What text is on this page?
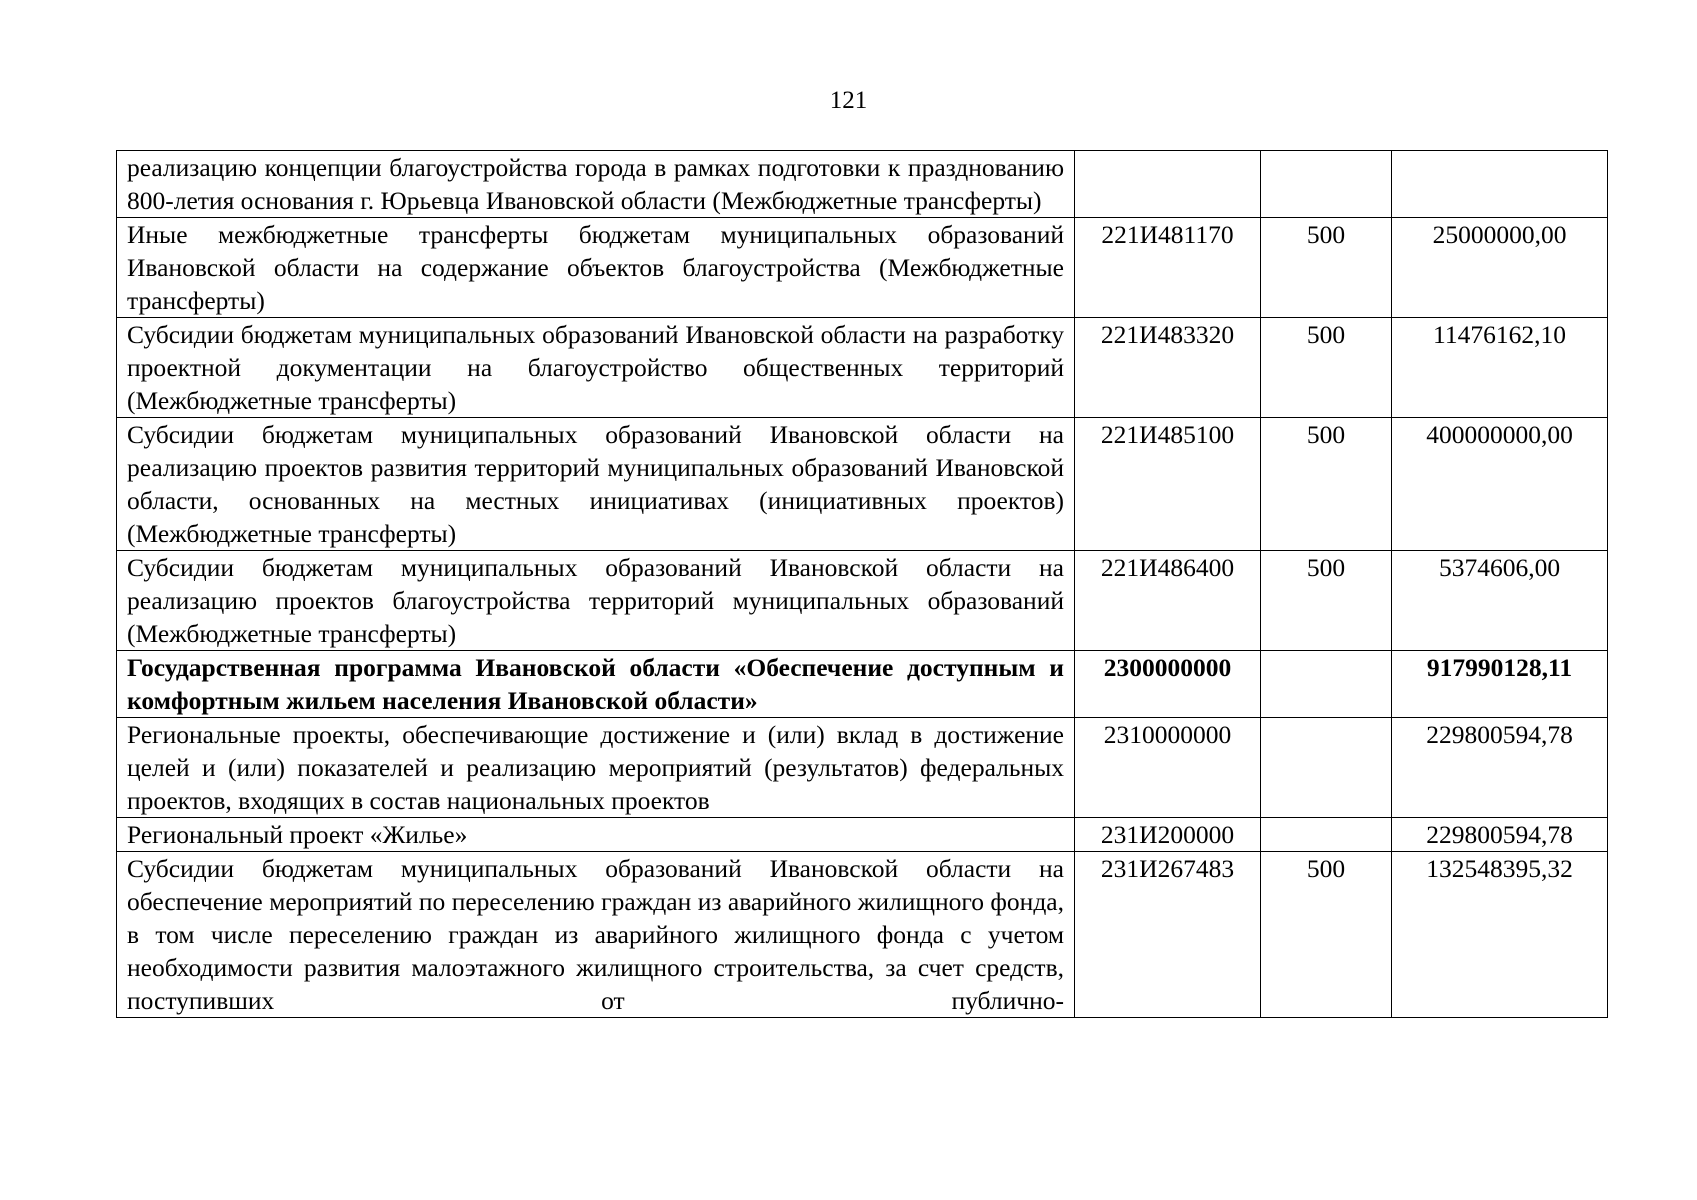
121
реализацию концепции благоустройства города в рамках подготовки к празднованию 800-летия основания г. Юрьевца Ивановской области (Межбюджетные трансферты)			
Иные межбюджетные трансферты бюджетам муниципальных образований Ивановской области на содержание объектов благоустройства (Межбюджетные трансферты)	221И481170	500	25000000,00
Субсидии бюджетам муниципальных образований Ивановской области на разработку проектной документации на благоустройство общественных территорий (Межбюджетные трансферты)	221И483320	500	11476162,10
Субсидии бюджетам муниципальных образований Ивановской области на реализацию проектов развития территорий муниципальных образований Ивановской области, основанных на местных инициативах (инициативных проектов) (Межбюджетные трансферты)	221И485100	500	400000000,00
Субсидии бюджетам муниципальных образований Ивановской области на реализацию проектов благоустройства территорий муниципальных образований (Межбюджетные трансферты)	221И486400	500	5374606,00
Государственная программа Ивановской области «Обеспечение доступным и комфортным жильем населения Ивановской области»	2300000000		917990128,11
Региональные проекты, обеспечивающие достижение и (или) вклад в достижение целей и (или) показателей и реализацию мероприятий (результатов) федеральных проектов, входящих в состав национальных проектов	2310000000		229800594,78
Региональный проект «Жилье»	231И200000		229800594,78
Субсидии бюджетам муниципальных образований Ивановской области на обеспечение мероприятий по переселению граждан из аварийного жилищного фонда, в том числе переселению граждан из аварийного жилищного фонда с учетом необходимости развития малоэтажного жилищного строительства, за счет средств, поступивших от публично-	231И267483	500	132548395,32
